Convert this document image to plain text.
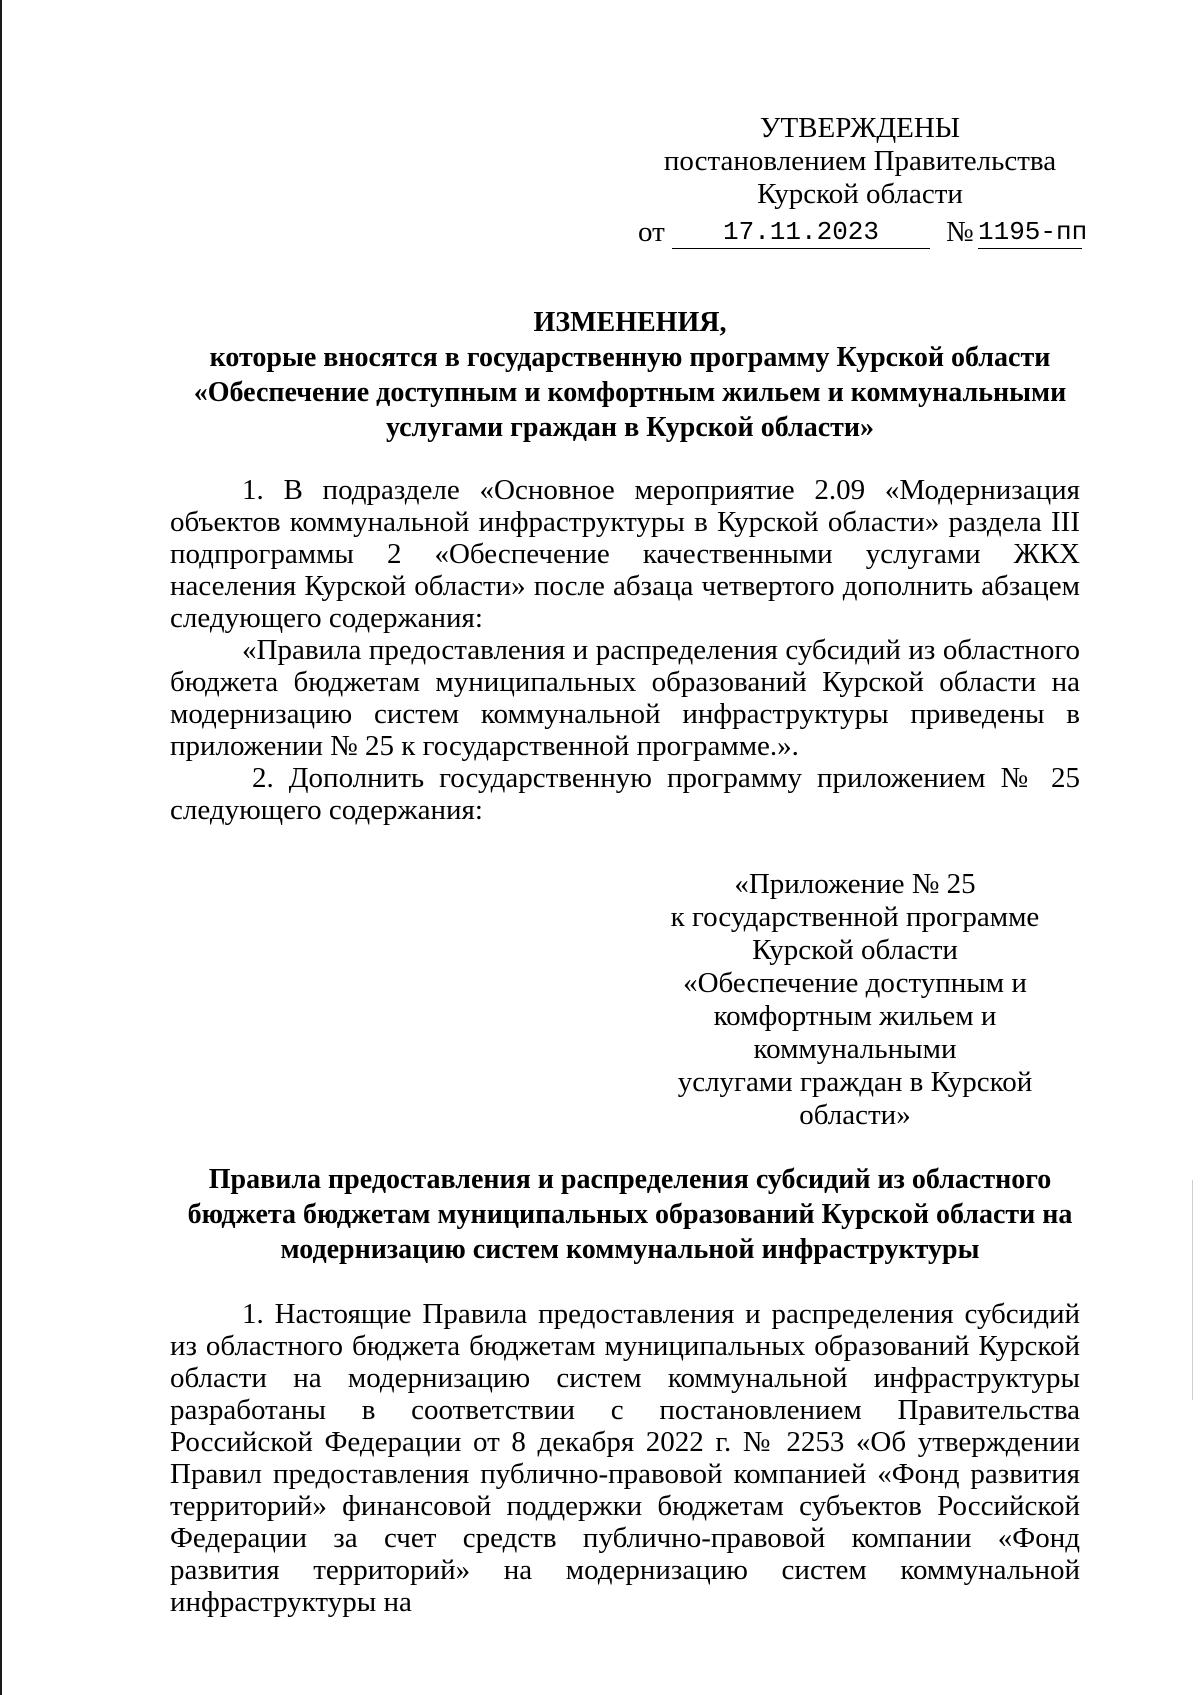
УТВЕРЖДЕНЫ
постановлением Правительства
Курской области
от	17.11.2023	№ 1195-пп
ИЗМЕНЕНИЯ,
которые вносятся в государственную программу Курской области
«Обеспечение доступным и комфортным жильем и коммунальными
услугами граждан в Курской области»

1. В подразделе «Основное мероприятие 2.09 «Модернизация объектов коммунальной инфраструктуры в Курской области» раздела III подпрограммы 2 «Обеспечение качественными услугами ЖКХ населения Курской области» после абзаца четвертого дополнить абзацем следующего содержания:

«Правила предоставления и распределения субсидий из областного бюджета бюджетам муниципальных образований Курской области на модернизацию систем коммунальной инфраструктуры приведены в приложении № 25 к государственной программе.».

2. Дополнить государственную программу приложением № 25 следующего содержания:

«Приложение № 25
к государственной программе
Курской области
«Обеспечение доступным и
комфортным жильем и
коммунальными
услугами граждан в Курской
области»
Правила предоставления и распределения субсидий из областного
бюджета бюджетам муниципальных образований Курской области на
модернизацию систем коммунальной инфраструктуры

1. Настоящие Правила предоставления и распределения субсидий из областного бюджета бюджетам муниципальных образований Курской области на модернизацию систем коммунальной инфраструктуры разработаны в соответствии с постановлением Правительства Российской Федерации от 8 декабря 2022 г. № 2253 «Об утверждении Правил предоставления публично-правовой компанией «Фонд развития территорий» финансовой поддержки бюджетам субъектов Российской Федерации за счет средств публично-правовой компании «Фонд развития территорий» на модернизацию систем коммунальной инфраструктуры на
